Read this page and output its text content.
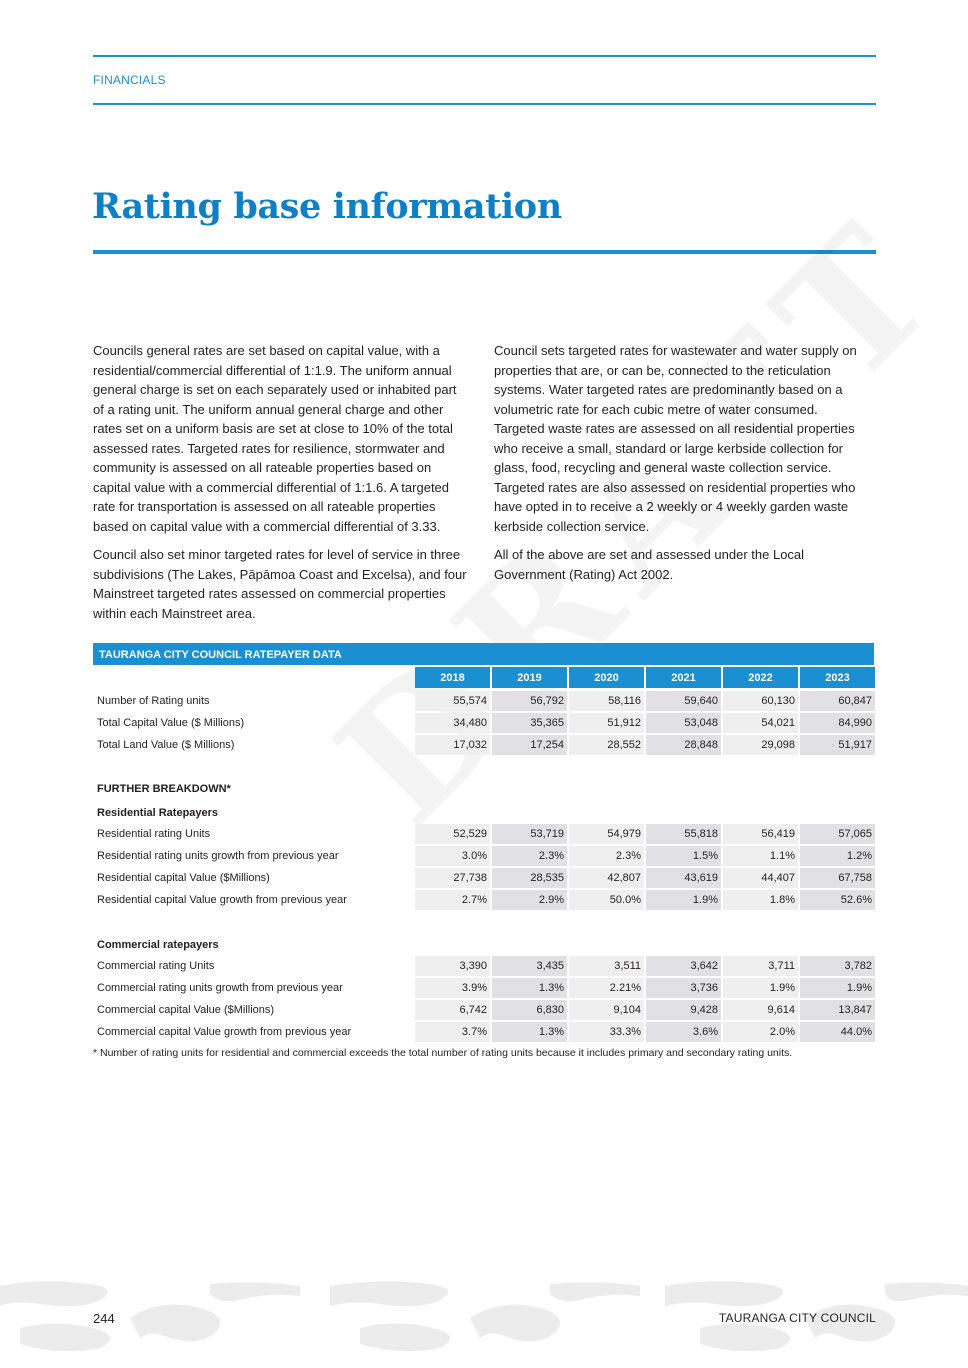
FINANCIALS
Rating base information

Councils general rates are set based on capital value, with a residential/commercial differential of 1:1.9. The uniform annual general charge is set on each separately used or inhabited part of a rating unit. The uniform annual general charge and other rates set on a uniform basis are set at close to 10% of the total assessed rates. Targeted rates for resilience, stormwater and community is assessed on all rateable properties based on capital value with a commercial differential of 1:1.6. A targeted rate for transportation is assessed on all rateable properties based on capital value with a commercial differential of 3.33.

Council also set minor targeted rates for level of service in three subdivisions (The Lakes, Pāpāmoa Coast and Excelsa), and four Mainstreet targeted rates assessed on commercial properties within each Mainstreet area.

Council sets targeted rates for wastewater and water supply on properties that are, or can be, connected to the reticulation systems. Water targeted rates are predominantly based on a volumetric rate for each cubic metre of water consumed. Targeted waste rates are assessed on all residential properties who receive a small, standard or large kerbside collection for glass, food, recycling and general waste collection service. Targeted rates are also assessed on residential properties who have opted in to receive a 2 weekly or 4 weekly garden waste kerbside collection service.

All of the above are set and assessed under the Local Government (Rating) Act 2002.

TAURANGA CITY COUNCIL RATEPAYER DATA
2018	2019	2020	2021	2022	2023
Number of Rating units	55,574	56,792	58,116	59,640	60,130	60,847
Total Capital Value ($ Millions)	34,480	35,365	51,912	53,048	54,021	84,990
Total Land Value ($ Millions)	17,032	17,254	28,552	28,848	29,098	51,917
FURTHER BREAKDOWN*
Residential Ratepayers
Residential rating Units	52,529	53,719	54,979	55,818	56,419	57,065
Residential rating units growth from previous year	3.0%	2.3%	2.3%	1.5%	1.1%	1.2%
Residential capital Value ($Millions)	27,738	28,535	42,807	43,619	44,407	67,758
Residential capital Value growth from previous year	2.7%	2.9%	50.0%	1.9%	1.8%	52.6%
Commercial ratepayers
Commercial rating Units	3,390	3,435	3,511	3,642	3,711	3,782
Commercial rating units growth from previous year	3.9%	1.3%	2.21%	3,736	1.9%	1.9%
Commercial capital Value ($Millions)	6,742	6,830	9,104	9,428	9,614	13,847
Commercial capital Value growth from previous year	3.7%	1.3%	33.3%	3.6%	2.0%	44.0%
* Number of rating units for residential and commercial exceeds the total number of rating units because it includes primary and secondary rating units.
244	TAURANGA CITY COUNCIL
